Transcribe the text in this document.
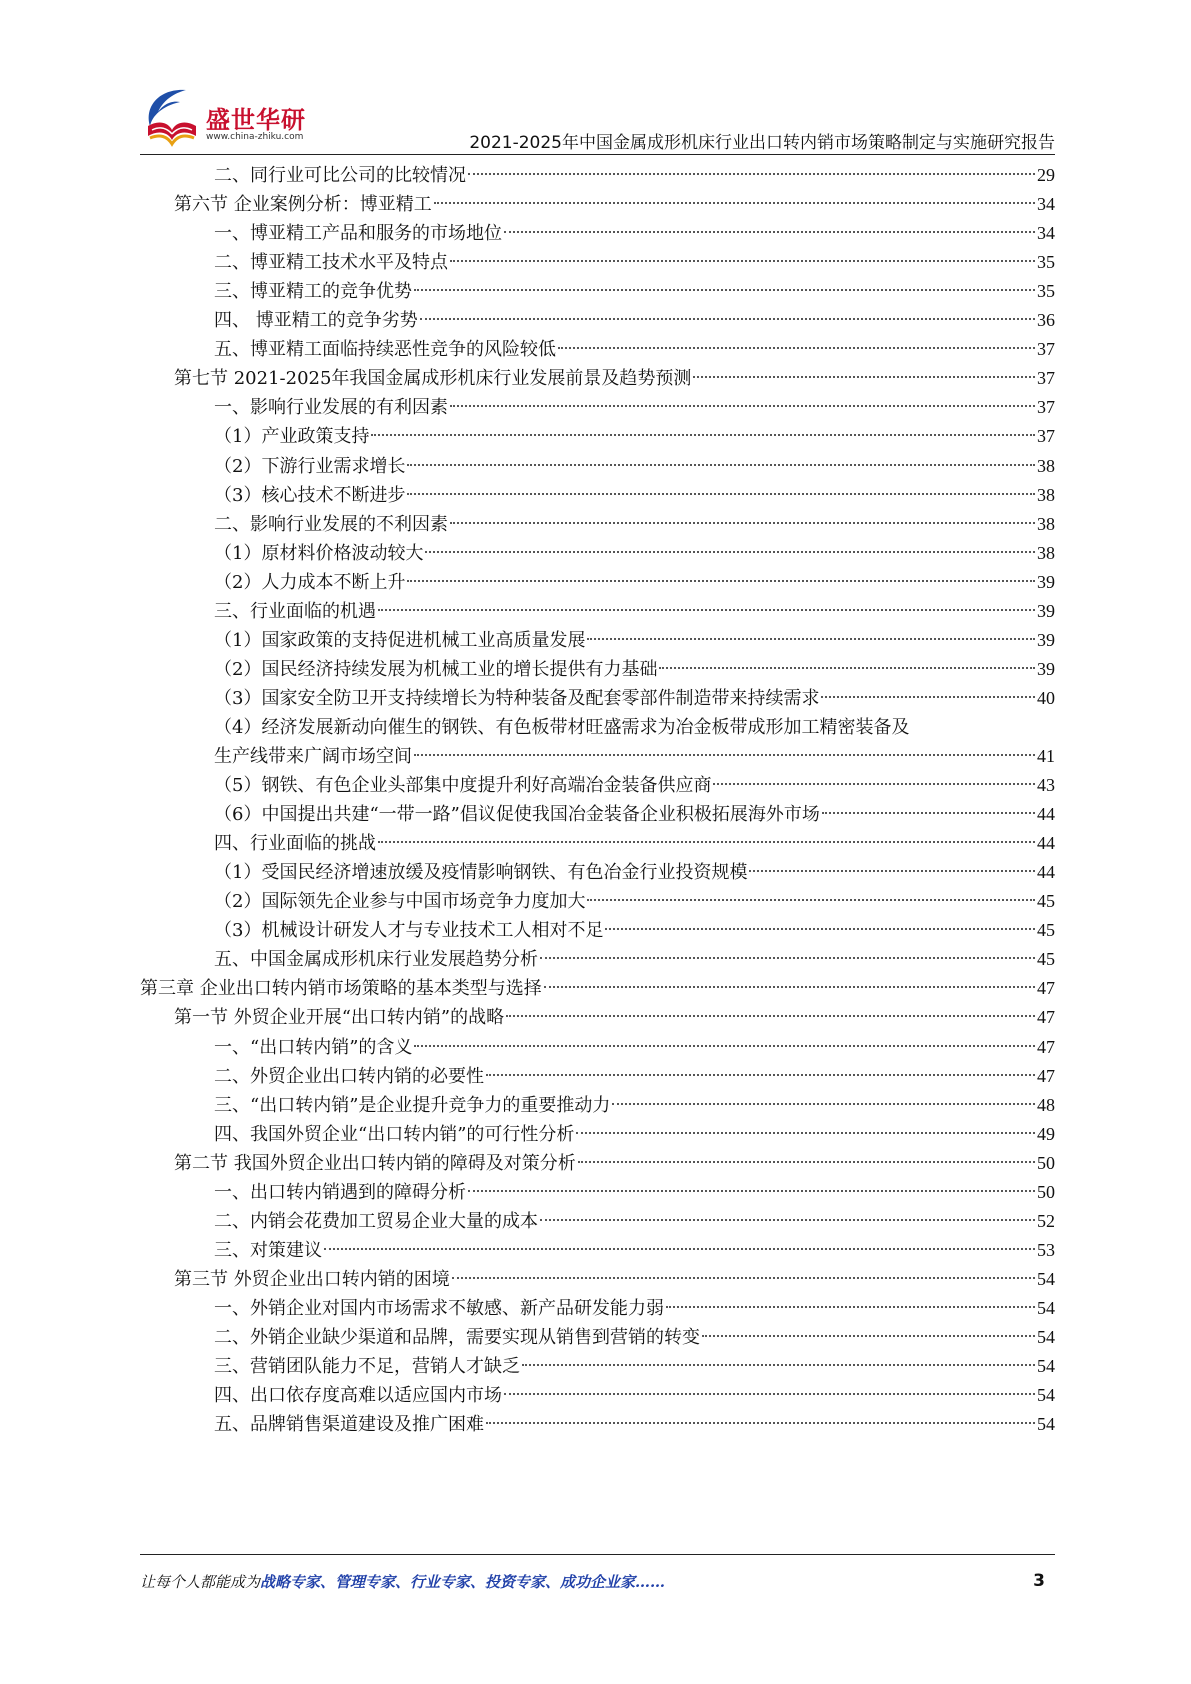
盛世华研
www.china-zhiku.com	2021-2025年中国金属成形机床行业出口转内销市场策略制定与实施研究报告
二、同行业可比公司的比较情况	29
第六节 企业案例分析：博亚精工	34
一、博亚精工产品和服务的市场地位	34
二、博亚精工技术水平及特点	35
三、博亚精工的竞争优势	35
四、 博亚精工的竞争劣势	36
五、博亚精工面临持续恶性竞争的风险较低	37
第七节 2021-2025年我国金属成形机床行业发展前景及趋势预测	37
一、影响行业发展的有利因素	37
（1）产业政策支持	37
（2）下游行业需求增长	38
（3）核心技术不断进步	38
二、影响行业发展的不利因素	38
（1）原材料价格波动较大	38
（2）人力成本不断上升	39
三、行业面临的机遇	39
（1）国家政策的支持促进机械工业高质量发展	39
（2）国民经济持续发展为机械工业的增长提供有力基础	39
（3）国家安全防卫开支持续增长为特种装备及配套零部件制造带来持续需求	40
（4）经济发展新动向催生的钢铁、有色板带材旺盛需求为冶金板带成形加工精密装备及
生产线带来广阔市场空间	41
（5）钢铁、有色企业头部集中度提升利好高端冶金装备供应商	43
（6）中国提出共建“一带一路”倡议促使我国冶金装备企业积极拓展海外市场	44
四、行业面临的挑战	44
（1）受国民经济增速放缓及疫情影响钢铁、有色冶金行业投资规模	44
（2）国际领先企业参与中国市场竞争力度加大	45
（3）机械设计研发人才与专业技术工人相对不足	45
五、中国金属成形机床行业发展趋势分析	45
第三章 企业出口转内销市场策略的基本类型与选择	47
第一节 外贸企业开展“出口转内销”的战略	47
一、“出口转内销”的含义	47
二、外贸企业出口转内销的必要性	47
三、“出口转内销”是企业提升竞争力的重要推动力	48
四、我国外贸企业“出口转内销”的可行性分析	49
第二节 我国外贸企业出口转内销的障碍及对策分析	50
一、出口转内销遇到的障碍分析	50
二、内销会花费加工贸易企业大量的成本	52
三、对策建议	53
第三节 外贸企业出口转内销的困境	54
一、外销企业对国内市场需求不敏感、新产品研发能力弱	54
二、外销企业缺少渠道和品牌，需要实现从销售到营销的转变	54
三、营销团队能力不足，营销人才缺乏	54
四、出口依存度高难以适应国内市场	54
五、品牌销售渠道建设及推广困难	54
让每个人都能成为战略专家、管理专家、行业专家、投资专家、成功企业家……	3
